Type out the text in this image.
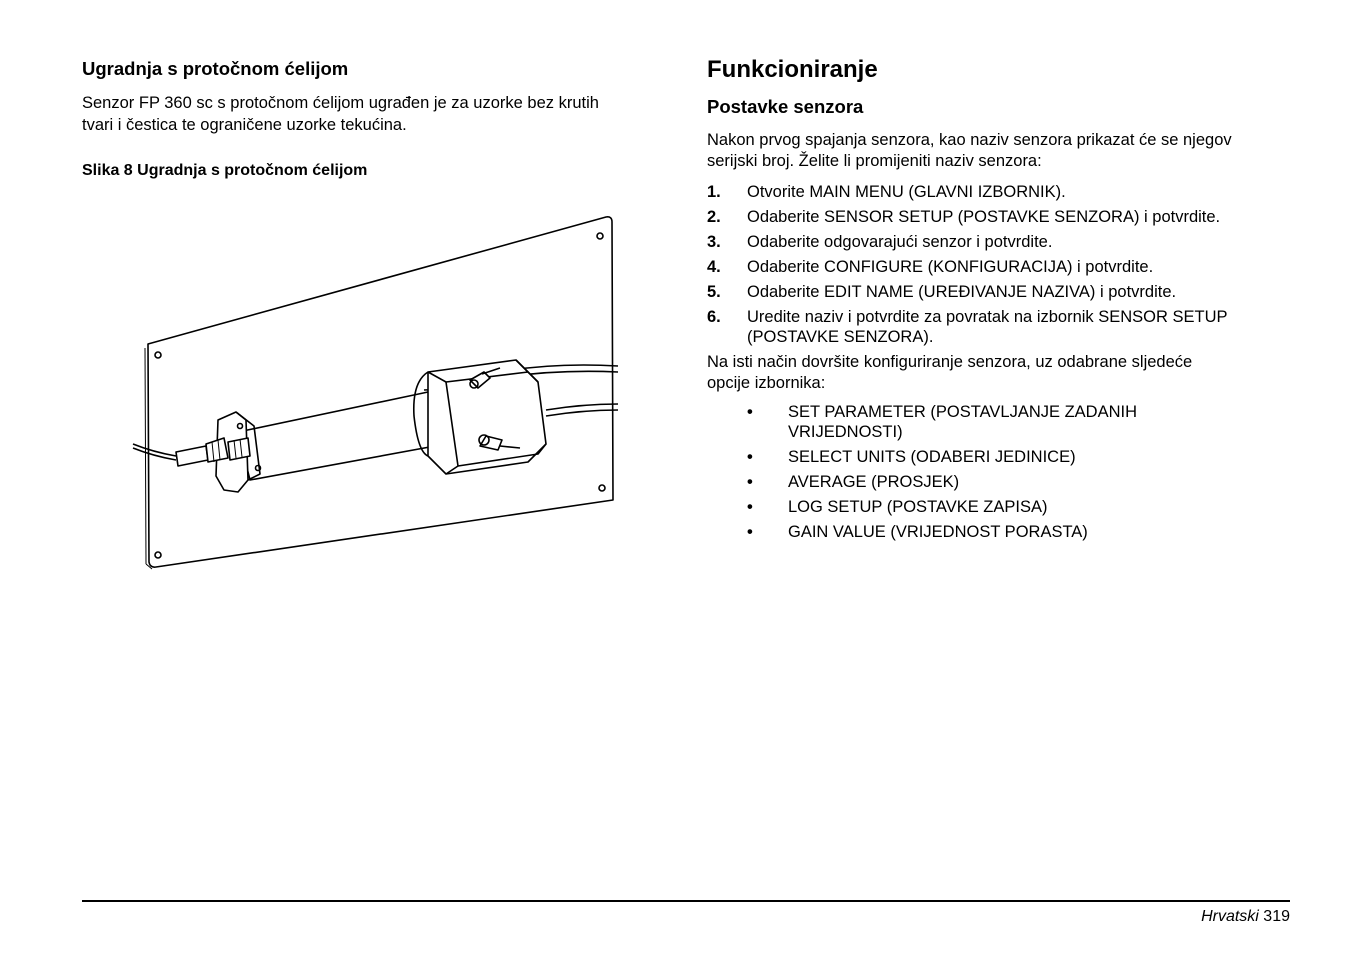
Ugradnja s protočnom ćelijom

Senzor FP 360 sc s protočnom ćelijom ugrađen je za uzorke bez krutih
tvari i čestica te ograničene uzorke tekućina.

Slika 8 Ugradnja s protočnom ćelijom
Funkcioniranje
Postavke senzora

Nakon prvog spajanja senzora, kao naziv senzora prikazat će se njegov
serijski broj. Želite li promijeniti naziv senzora:

1.	Otvorite MAIN MENU (GLAVNI IZBORNIK).
2.	Odaberite SENSOR SETUP (POSTAVKE SENZORA) i potvrdite.
3.	Odaberite odgovarajući senzor i potvrdite.
4.	Odaberite CONFIGURE (KONFIGURACIJA) i potvrdite.
5.	Odaberite EDIT NAME (UREĐIVANJE NAZIVA) i potvrdite.
6.	Uredite naziv i potvrdite za povratak na izbornik SENSOR SETUP (POSTAVKE SENZORA).

Na isti način dovršite konfiguriranje senzora, uz odabrane sljedeće
opcije izbornika:

•	SET PARAMETER (POSTAVLJANJE ZADANIH VRIJEDNOSTI)
•	SELECT UNITS (ODABERI JEDINICE)
•	AVERAGE (PROSJEK)
•	LOG SETUP (POSTAVKE ZAPISA)
•	GAIN VALUE (VRIJEDNOST PORASTA)
Hrvatski 319
